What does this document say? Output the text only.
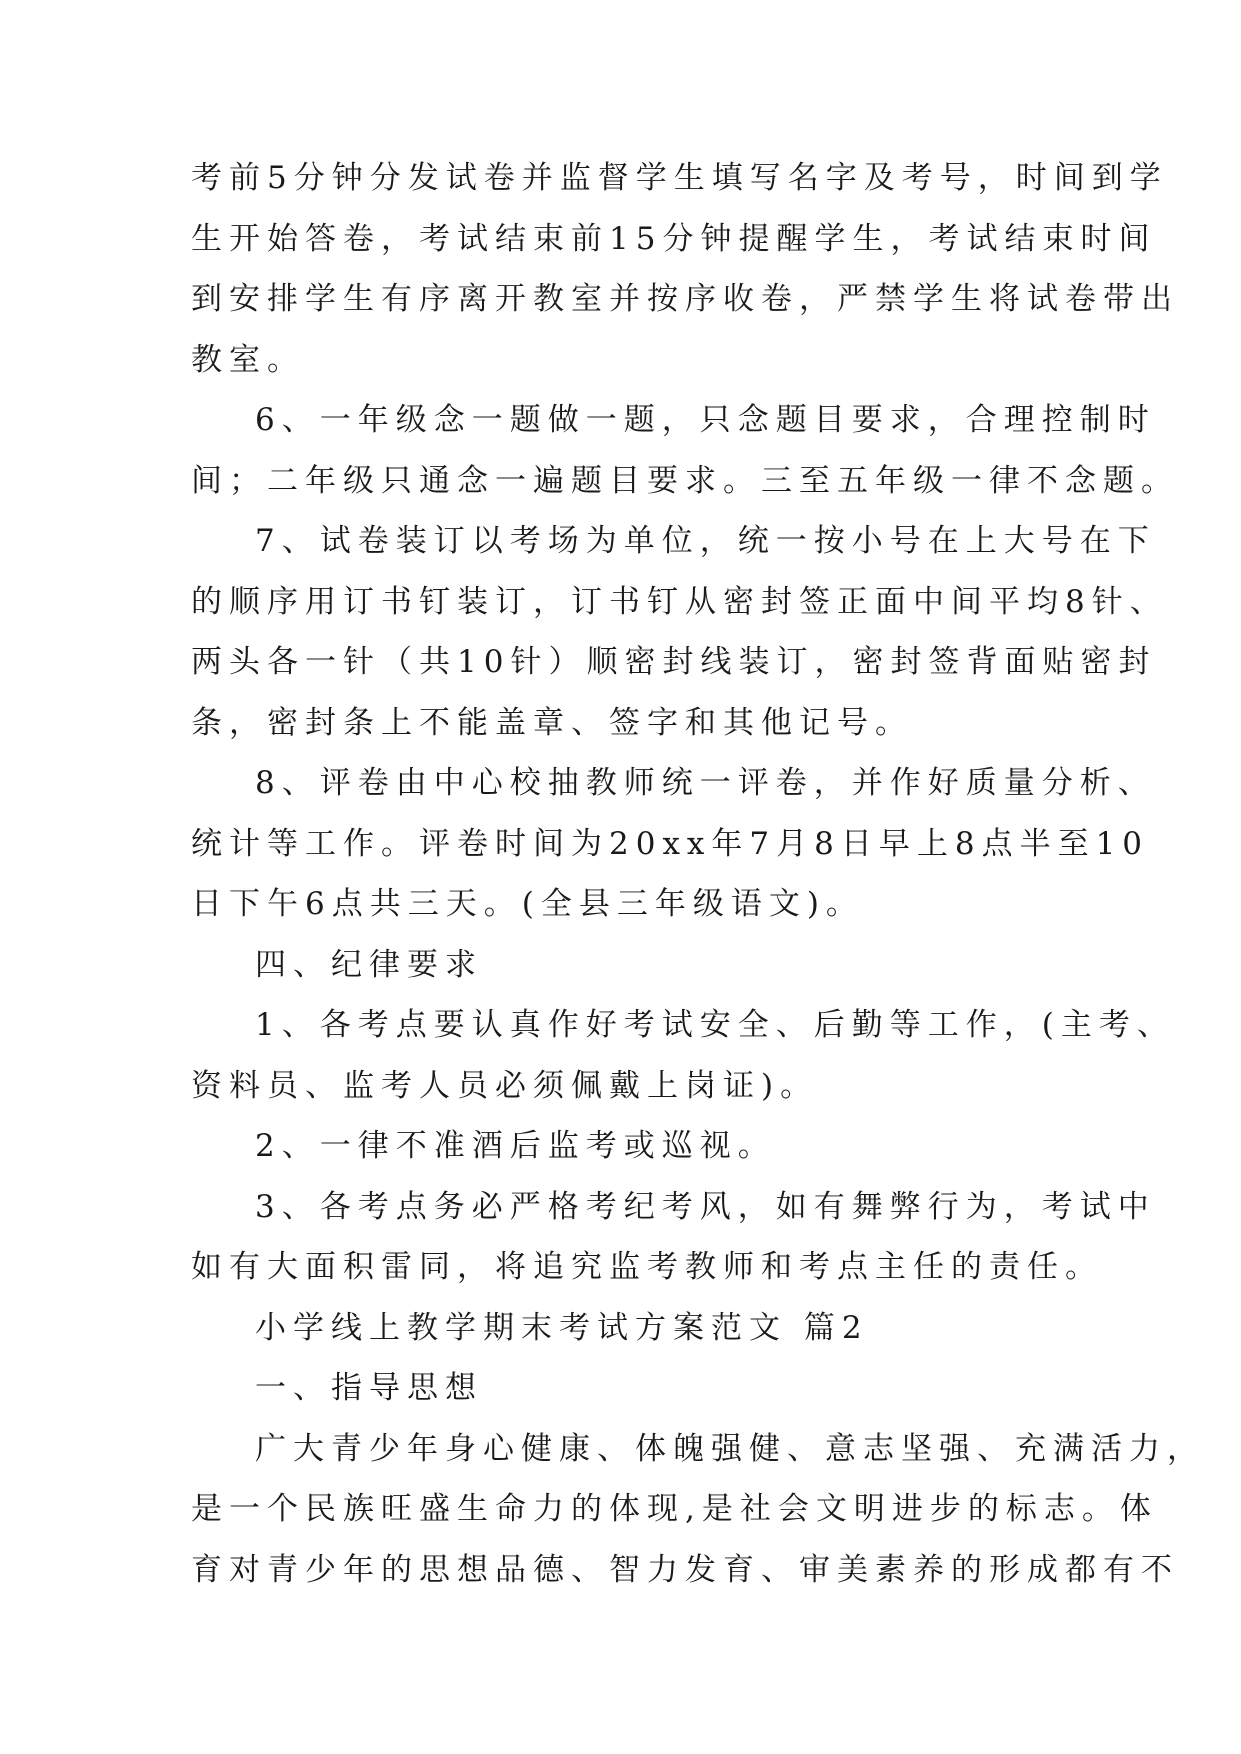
考前5分钟分发试卷并监督学生填写名字及考号，时间到学
生开始答卷，考试结束前15分钟提醒学生，考试结束时间
到安排学生有序离开教室并按序收卷，严禁学生将试卷带出
教室。
6、一年级念一题做一题，只念题目要求，合理控制时
间；二年级只通念一遍题目要求。三至五年级一律不念题。
7、试卷装订以考场为单位，统一按小号在上大号在下
的顺序用订书钉装订，订书钉从密封签正面中间平均8针、
两头各一针（共10针）顺密封线装订，密封签背面贴密封
条，密封条上不能盖章、签字和其他记号。
8、评卷由中心校抽教师统一评卷，并作好质量分析、
统计等工作。评卷时间为20xx年7月8日早上8点半至10
日下午6点共三天。(全县三年级语文)。
四、纪律要求
1、各考点要认真作好考试安全、后勤等工作，(主考、
资料员、监考人员必须佩戴上岗证)。
2、一律不准酒后监考或巡视。
3、各考点务必严格考纪考风，如有舞弊行为，考试中
如有大面积雷同，将追究监考教师和考点主任的责任。
小学线上教学期末考试方案范文 篇2
一、指导思想
广大青少年身心健康、体魄强健、意志坚强、充满活力，
是一个民族旺盛生命力的体现,是社会文明进步的标志。体
育对青少年的思想品德、智力发育、审美素养的形成都有不
